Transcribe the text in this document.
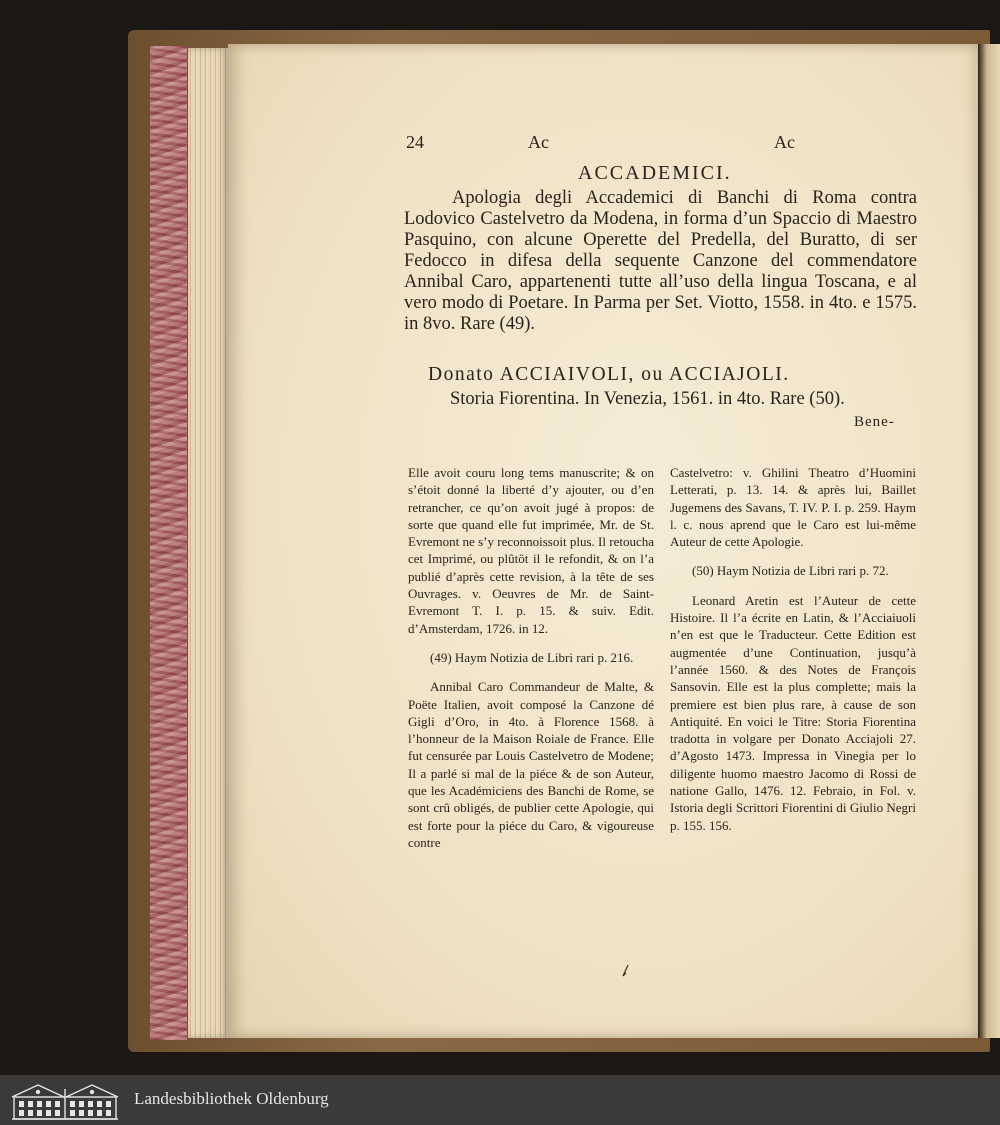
24	Ac	Ac
ACCADEMICI.
Apologia degli Accademici di Banchi di Roma contra Lodovico Castelvetro da Modena, in forma d’un Spaccio di Maestro Pasquino, con alcune Operette del Predella, del Buratto, di ser Fedocco in difesa della sequente Canzone del commendatore Annibal Caro, appartenenti tutte all’uso della lingua Toscana, e al vero modo di Poetare. In Parma per Set. Viotto, 1558. in 4to. e 1575. in 8vo. Rare (49).
Donato ACCIAIVOLI, ou ACCIAJOLI.
Storia Fiorentina. In Venezia, 1561. in 4to. Rare (50).
Bene-

Elle avoit couru long tems manuscrite; & on s’étoit donné la liberté d’y ajouter, ou d’en retrancher, ce qu’on avoit jugé à propos: de sorte que quand elle fut imprimée, Mr. de St. Evremont ne s’y reconnoissoit plus. Il retoucha cet Imprimé, ou plûtôt il le refondit, & on l’a publié d’après cette revision, à la tête de ses Ouvrages. v. Oeuvres de Mr. de Saint-Evremont T. I. p. 15. & suiv. Edit. d’Amsterdam, 1726. in 12.

(49) Haym Notizia de Libri rari p. 216.

Annibal Caro Commandeur de Malte, & Poëte Italien, avoit composé la Canzone dé Gigli d’Oro, in 4to. à Florence 1568. à l’honneur de la Maison Roiale de France. Elle fut censurée par Louis Castelvetro de Modene; Il a parlé si mal de la piéce & de son Auteur, que les Académiciens des Banchi de Rome, se sont crû obligés, de publier cette Apologie, qui est forte pour la piéce du Caro, & vigoureuse contre

Castelvetro: v. Ghilini Theatro d’Huomini Letterati, p. 13. 14. & après lui, Baillet Jugemens des Savans, T. IV. P. I. p. 259. Haym l. c. nous aprend que le Caro est lui-même Auteur de cette Apologie.

(50) Haym Notizia de Libri rari p. 72.

Leonard Aretin est l’Auteur de cette Histoire. Il l’a écrite en Latin, & l’Acciaiuoli n’en est que le Traducteur. Cette Edition est augmentée d’une Continuation, jusqu’à l’année 1560. & des Notes de François Sansovin. Elle est la plus complette; mais la premiere est bien plus rare, à cause de son Antiquité. En voici le Titre: Storia Fiorentina tradotta in volgare per Donato Acciajoli 27. d’Agosto 1473. Impressa in Vinegia per lo diligente huomo maestro Jacomo di Rossi de natione Gallo, 1476. 12. Febraio, in Fol. v. Istoria degli Scrittori Fiorentini di Giulio Negri p. 155. 156.

Landesbibliothek Oldenburg
